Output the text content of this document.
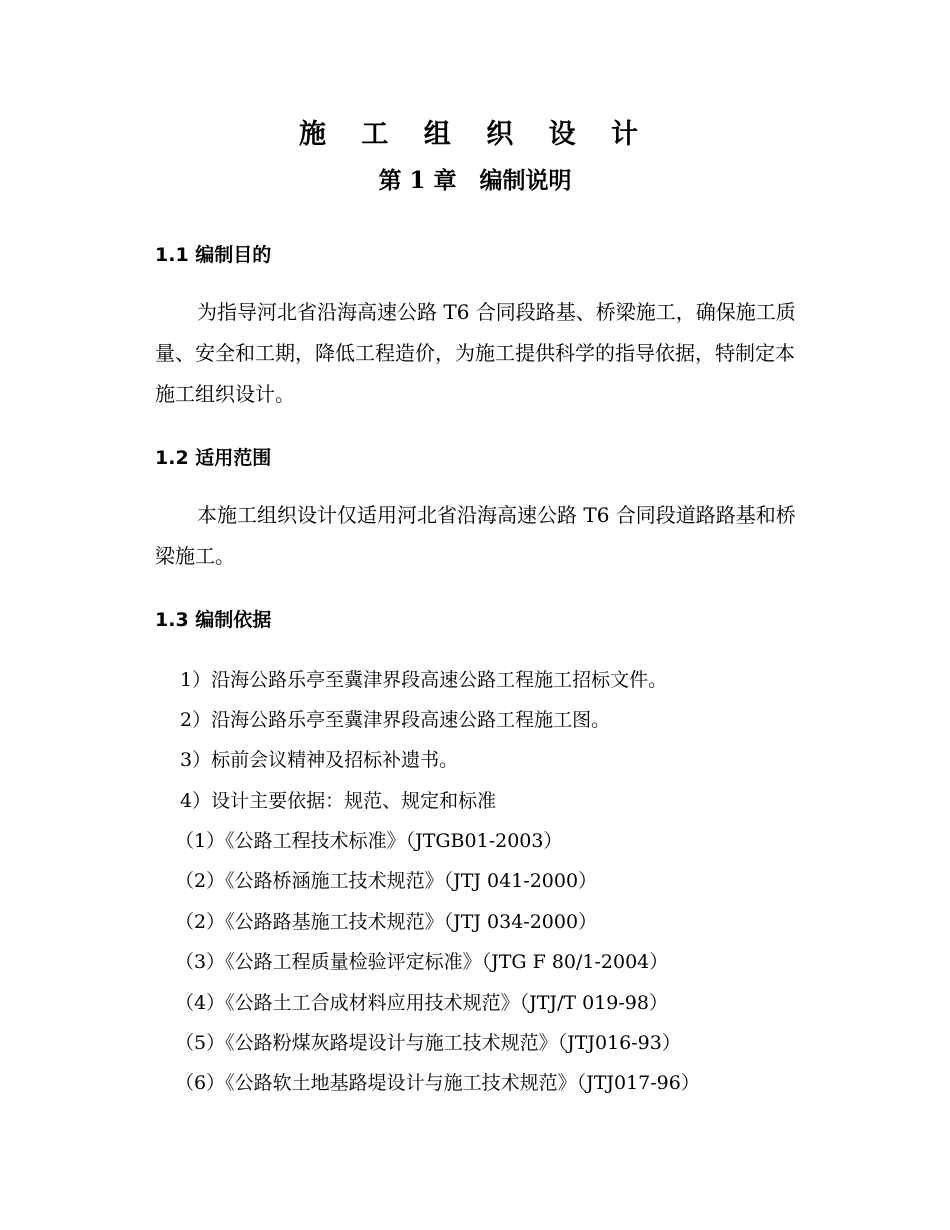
施 工 组 织 设 计
第 1 章　编制说明
1.1 编制目的

　为指导河北省沿海高速公路 T6 合同段路基、桥梁施工，确保施工质
量、安全和工期，降低工程造价，为施工提供科学的指导依据，特制定本
施工组织设计。

1.2 适用范围

　本施工组织设计仅适用河北省沿海高速公路 T6 合同段道路路基和桥
梁施工。

1.3 编制依据
1）沿海公路乐亭至冀津界段高速公路工程施工招标文件。
2）沿海公路乐亭至冀津界段高速公路工程施工图。
3）标前会议精神及招标补遗书。
4）设计主要依据：规范、规定和标准
（1）《公路工程技术标准》（JTGB01-2003）
（2）《公路桥涵施工技术规范》（JTJ 041-2000）
（2）《公路路基施工技术规范》（JTJ 034-2000）
（3）《公路工程质量检验评定标准》（JTG F 80/1-2004）
（4）《公路土工合成材料应用技术规范》（JTJ/T 019-98）
（5）《公路粉煤灰路堤设计与施工技术规范》（JTJ016-93）
（6）《公路软土地基路堤设计与施工技术规范》（JTJ017-96）
